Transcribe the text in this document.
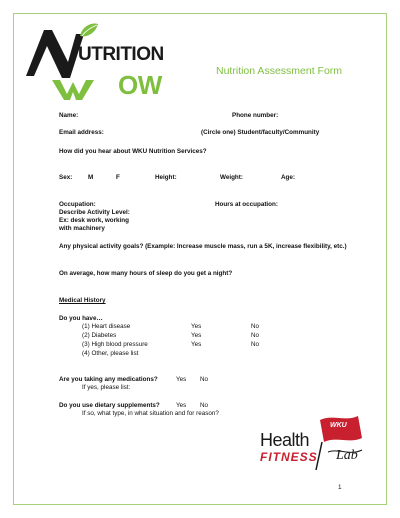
UTRITION
OW	Nutrition Assessment Form
Name:	Phone number:
Email address:	(Circle one) Student/faculty/Community
How did you hear about WKU Nutrition Services?
Sex: M	F	Height:	Weight:	Age:
Occupation:	Hours at occupation:
Describe Activity Level:
Ex: desk work, working
with machinery
Any physical activity goals? (Example: Increase muscle mass, run a 5K, increase flexibility, etc.)
On average, how many hours of sleep do you get a night?
Medical History
Do you have…
(1) Heart disease	Yes	No
(2) Diabetes	Yes	No
(3) High blood pressure	Yes	No
(4) Other, please list
Are you taking any medications?	Yes No
If yes, please list:
Do you use dietary supplements?	Yes No
If so, what type, in what situation and for reason?
WKU
Health
FITNESS Lab
1
